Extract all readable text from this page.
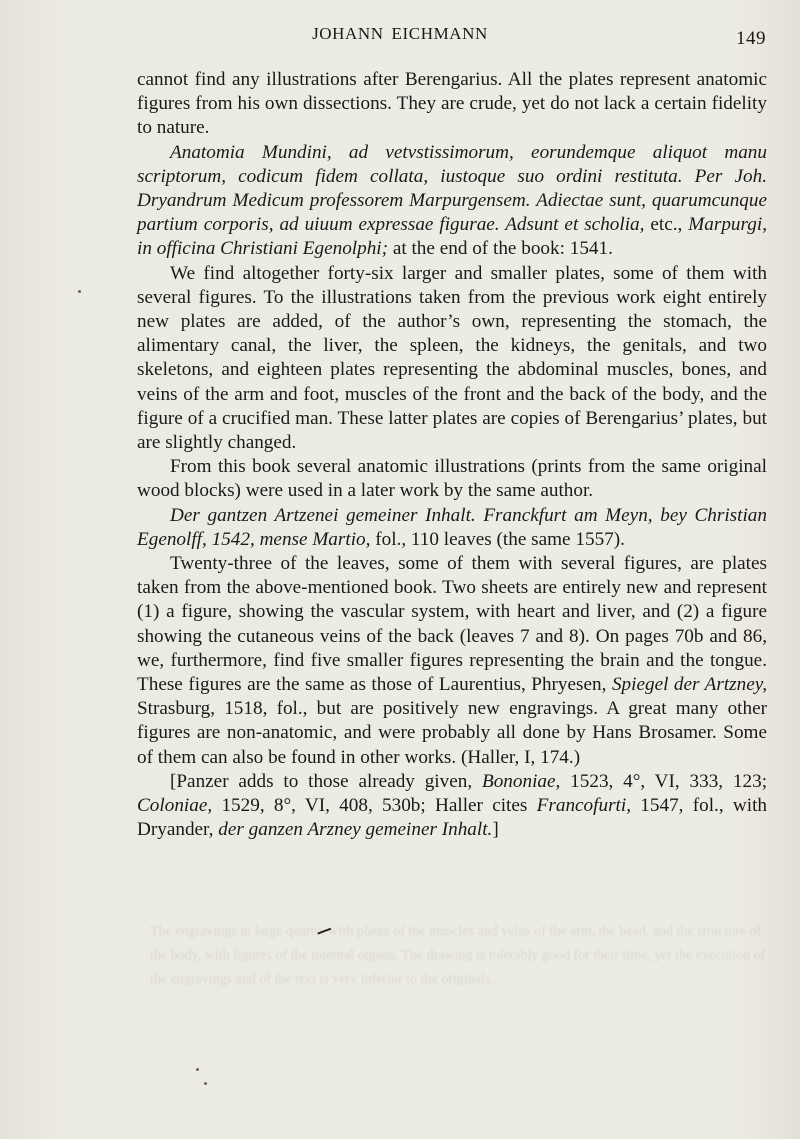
JOHANN EICHMANN	149

cannot find any illustrations after Berengarius. All the plates represent anatomic figures from his own dissections. They are crude, yet do not lack a certain fidelity to nature.

Anatomia Mundini, ad vetvstissimorum, eorundemque aliquot manu scriptorum, codicum fidem collata, iustoque suo ordini restituta. Per Joh. Dryandrum Medicum professorem Marpurgensem. Adiectae sunt, quarumcunque partium corporis, ad uiuum expressae figurae. Adsunt et scholia, etc., Marpurgi, in officina Christiani Egenolphi; at the end of the book: 1541.

We find altogether forty-six larger and smaller plates, some of them with several figures. To the illustrations taken from the previous work eight entirely new plates are added, of the author’s own, representing the stomach, the alimentary canal, the liver, the spleen, the kidneys, the genitals, and two skeletons, and eighteen plates representing the abdominal muscles, bones, and veins of the arm and foot, muscles of the front and the back of the body, and the figure of a crucified man. These latter plates are copies of Berengarius’ plates, but are slightly changed.

From this book several anatomic illustrations (prints from the same original wood blocks) were used in a later work by the same author.

Der gantzen Artzenei gemeiner Inhalt. Franckfurt am Meyn, bey Christian Egenolff, 1542, mense Martio, fol., 110 leaves (the same 1557).

Twenty-three of the leaves, some of them with several figures, are plates taken from the above-mentioned book. Two sheets are entirely new and represent (1) a figure, showing the vascular system, with heart and liver, and (2) a figure showing the cutaneous veins of the back (leaves 7 and 8). On pages 70b and 86, we, furthermore, find five smaller figures representing the brain and the tongue. These figures are the same as those of Laurentius, Phryesen, Spiegel der Artzney, Strasburg, 1518, fol., but are positively new engravings. A great many other figures are non-anatomic, and were probably all done by Hans Brosamer. Some of them can also be found in other works. (Haller, I, 174.)

[Panzer adds to those already given, Bononiae, 1523, 4°, VI, 333, 123; Coloniae, 1529, 8°, VI, 408, 530b; Haller cites Francofurti, 1547, fol., with Dryander, der ganzen Arzney gemeiner Inhalt.]

The engravings in large quarto, with plates of the muscles and veins of the arm, the head, and the structure of the body, with figures of the internal organs. The drawing is tolerably good for their time, yet the execution of the engravings and of the text is very inferior to the originals.
